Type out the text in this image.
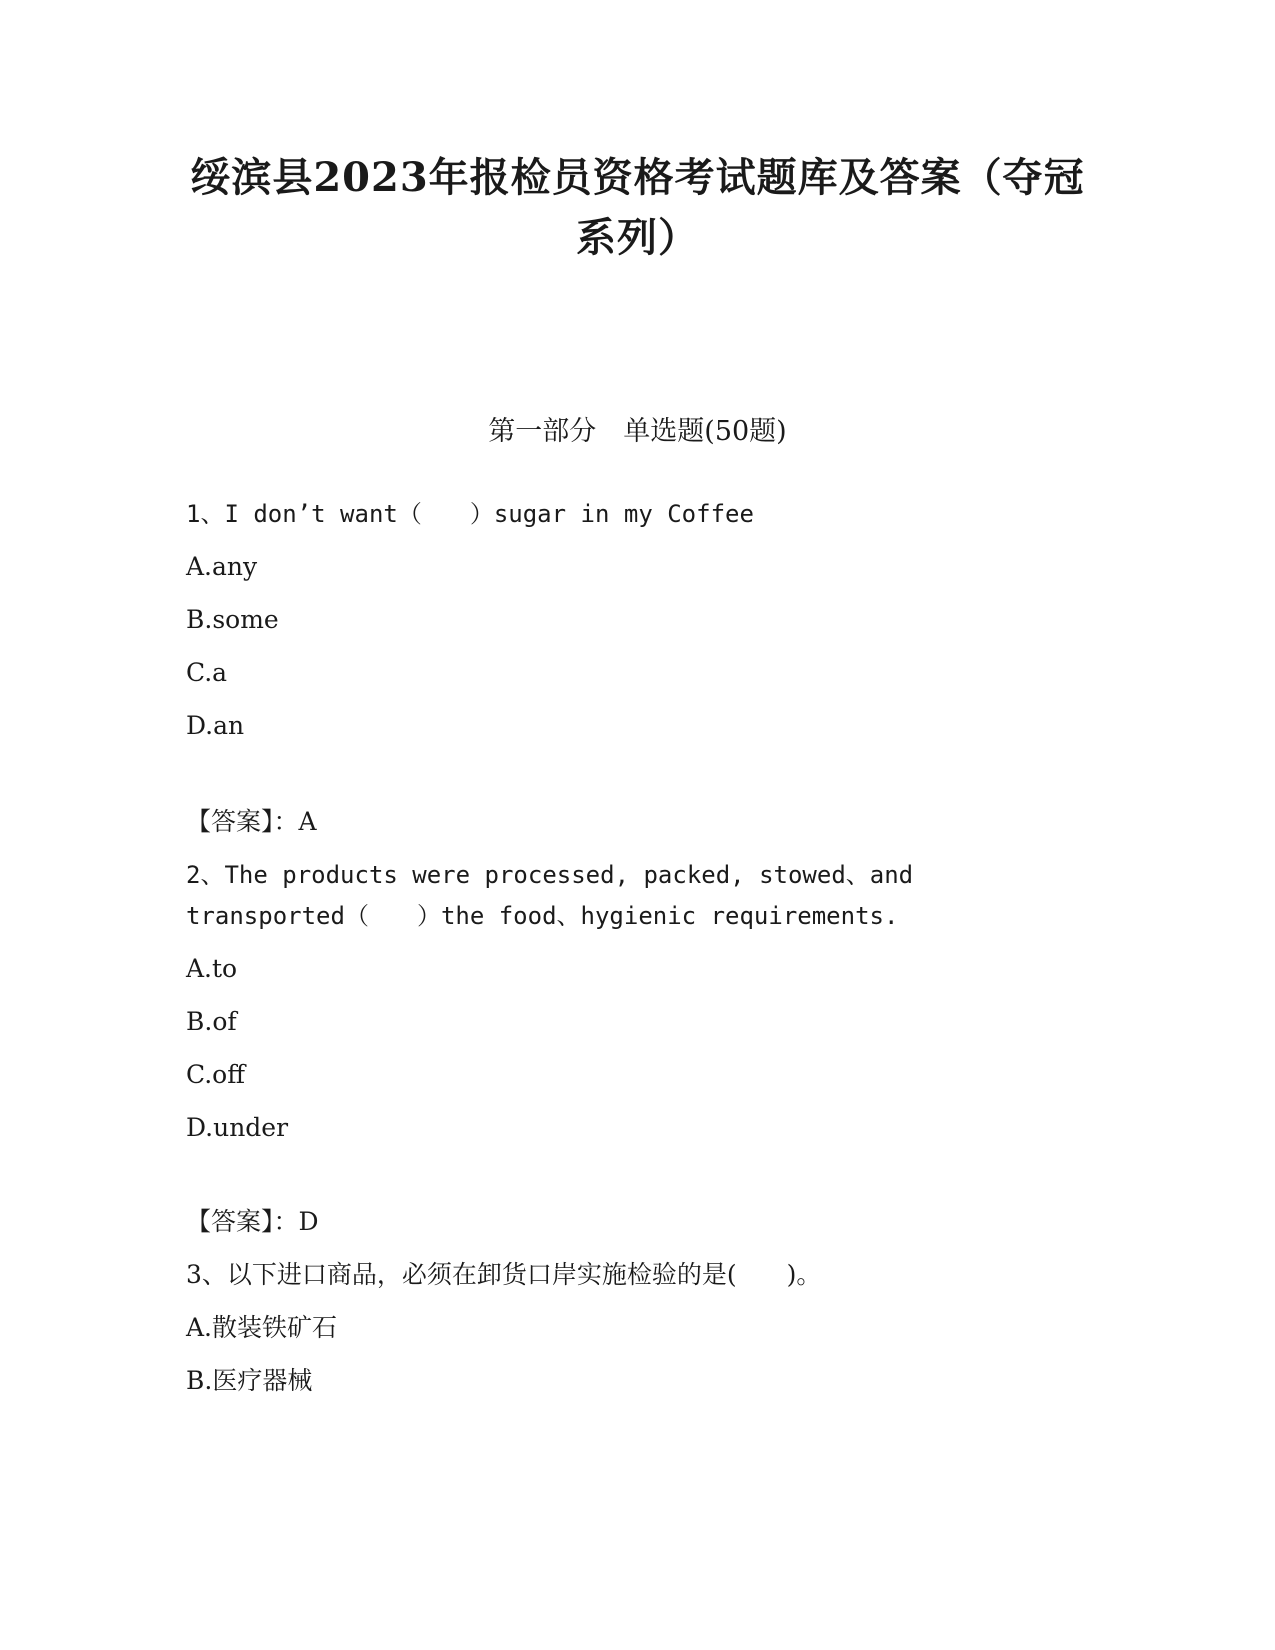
绥滨县2023年报检员资格考试题库及答案（夺冠
系列）
第一部分　单选题(50题)
1、I don’t want（　　）sugar in my Coffee
A.any
B.some
C.a
D.an
【答案】：A
2、The products were processed, packed, stowed、and
transported（　　）the food、hygienic requirements.
A.to
B.of
C.off
D.under
【答案】：D
3、以下进口商品，必须在卸货口岸实施检验的是(　　)。
A.散装铁矿石
B.医疗器械
